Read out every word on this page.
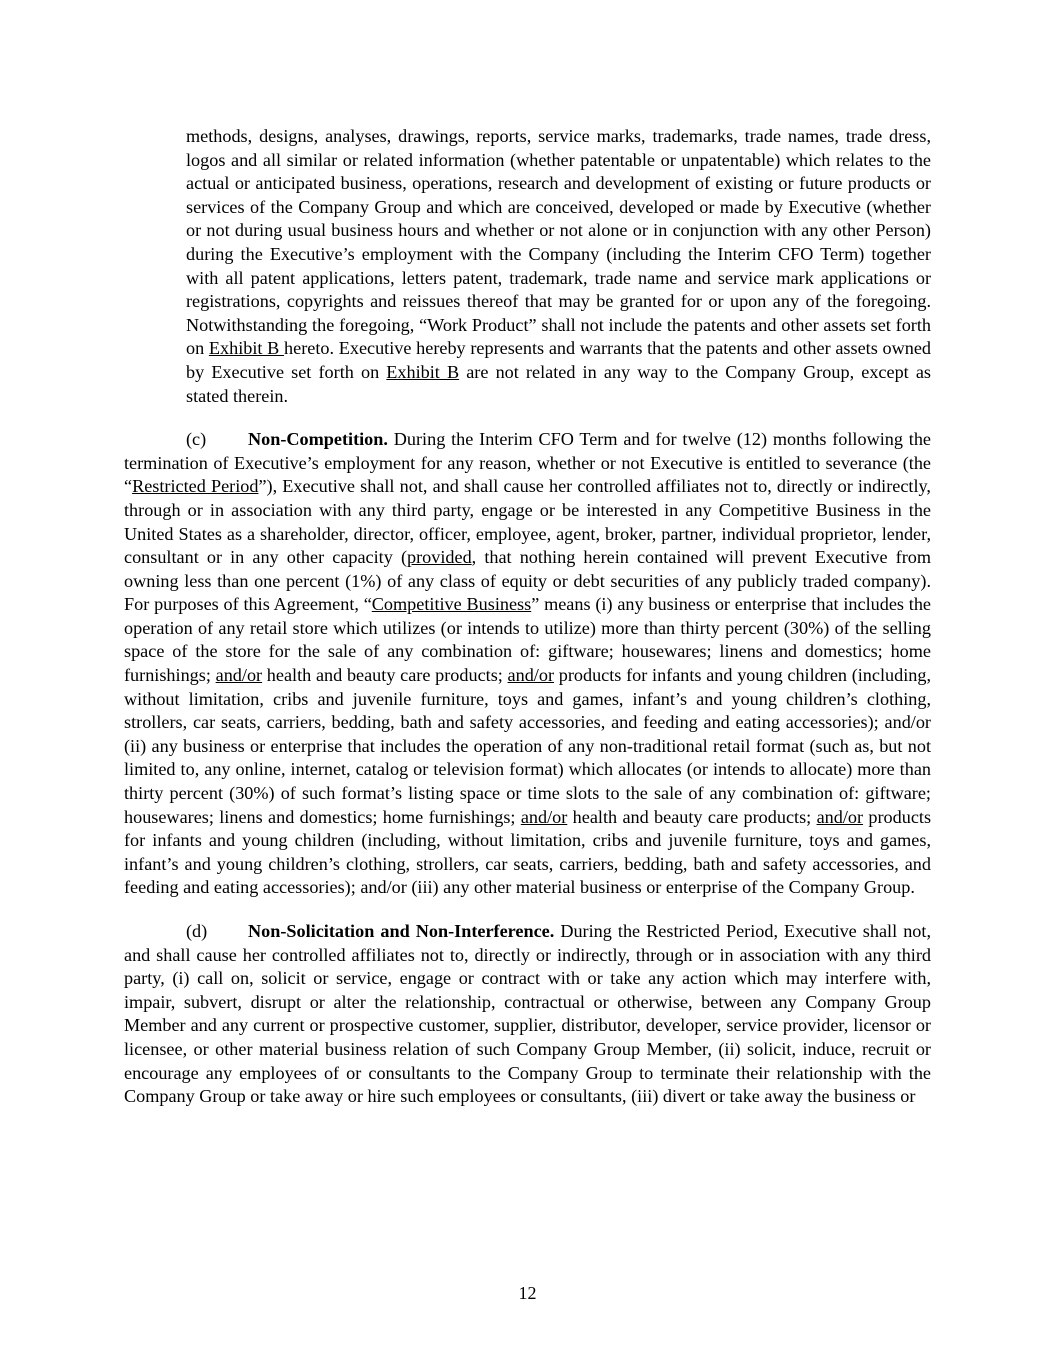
methods, designs, analyses, drawings, reports, service marks, trademarks, trade names, trade dress, logos and all similar or related information (whether patentable or unpatentable) which relates to the actual or anticipated business, operations, research and development of existing or future products or services of the Company Group and which are conceived, developed or made by Executive (whether or not during usual business hours and whether or not alone or in conjunction with any other Person) during the Executive’s employment with the Company (including the Interim CFO Term) together with all patent applications, letters patent, trademark, trade name and service mark applications or registrations, copyrights and reissues thereof that may be granted for or upon any of the foregoing. Notwithstanding the foregoing, “Work Product” shall not include the patents and other assets set forth on Exhibit B hereto. Executive hereby represents and warrants that the patents and other assets owned by Executive set forth on Exhibit B are not related in any way to the Company Group, except as stated therein.

(c) Non-Competition. During the Interim CFO Term and for twelve (12) months following the termination of Executive’s employment for any reason, whether or not Executive is entitled to severance (the “Restricted Period”), Executive shall not, and shall cause her controlled affiliates not to, directly or indirectly, through or in association with any third party, engage or be interested in any Competitive Business in the United States as a shareholder, director, officer, employee, agent, broker, partner, individual proprietor, lender, consultant or in any other capacity (provided, that nothing herein contained will prevent Executive from owning less than one percent (1%) of any class of equity or debt securities of any publicly traded company). For purposes of this Agreement, “Competitive Business” means (i) any business or enterprise that includes the operation of any retail store which utilizes (or intends to utilize) more than thirty percent (30%) of the selling space of the store for the sale of any combination of: giftware; housewares; linens and domestics; home furnishings; and/or health and beauty care products; and/or products for infants and young children (including, without limitation, cribs and juvenile furniture, toys and games, infant’s and young children’s clothing, strollers, car seats, carriers, bedding, bath and safety accessories, and feeding and eating accessories); and/or (ii) any business or enterprise that includes the operation of any non-traditional retail format (such as, but not limited to, any online, internet, catalog or television format) which allocates (or intends to allocate) more than thirty percent (30%) of such format’s listing space or time slots to the sale of any combination of: giftware; housewares; linens and domestics; home furnishings; and/or health and beauty care products; and/or products for infants and young children (including, without limitation, cribs and juvenile furniture, toys and games, infant’s and young children’s clothing, strollers, car seats, carriers, bedding, bath and safety accessories, and feeding and eating accessories); and/or (iii) any other material business or enterprise of the Company Group.

(d) Non-Solicitation and Non-Interference. During the Restricted Period, Executive shall not, and shall cause her controlled affiliates not to, directly or indirectly, through or in association with any third party, (i) call on, solicit or service, engage or contract with or take any action which may interfere with, impair, subvert, disrupt or alter the relationship, contractual or otherwise, between any Company Group Member and any current or prospective customer, supplier, distributor, developer, service provider, licensor or licensee, or other material business relation of such Company Group Member, (ii) solicit, induce, recruit or encourage any employees of or consultants to the Company Group to terminate their relationship with the Company Group or take away or hire such employees or consultants, (iii) divert or take away the business or

12
